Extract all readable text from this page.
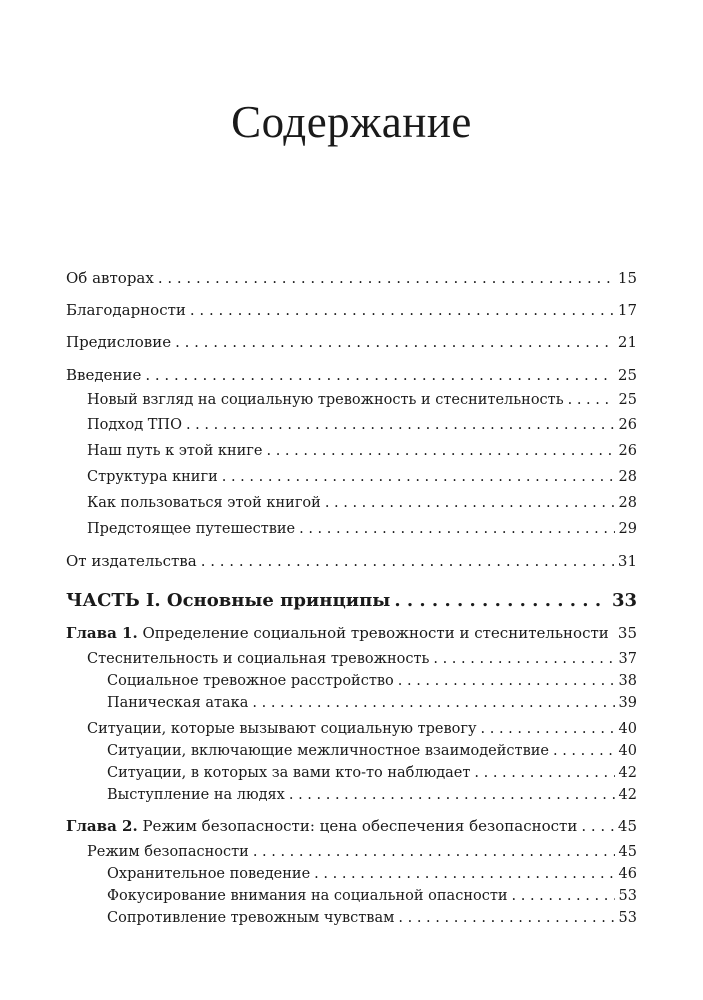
Содержание
Об авторах . . .	15
Благодарности . . .	17
Предисловие . . .	21
Введение . . .	25
Новый взгляд на социальную тревожность и стеснительность . . .	25
Подход ТПО . . .	26
Наш путь к этой книге . . .	26
Структура книги . . .	28
Как пользоваться этой книгой . . .	28
Предстоящее путешествие . . .	29
От издательства . . .	31
ЧАСТЬ I. Основные принципы . . .	33
Глава 1. Определение социальной тревожности и стеснительности . . . 35
Стеснительность и социальная тревожность . . .	37
Социальное тревожное расстройство . . .	38
Паническая атака . . .	39
Ситуации, которые вызывают социальную тревогу . . .	40
Ситуации, включающие межличностное взаимодействие . . .	40
Ситуации, в которых за вами кто-то наблюдает . . .	42
Выступление на людях . . .	42
Глава 2. Режим безопасности: цена обеспечения безопасности . . .	45
Режим безопасности . . .	45
Охранительное поведение . . .	46
Фокусирование внимания на социальной опасности . . .	53
Сопротивление тревожным чувствам . . .	53
